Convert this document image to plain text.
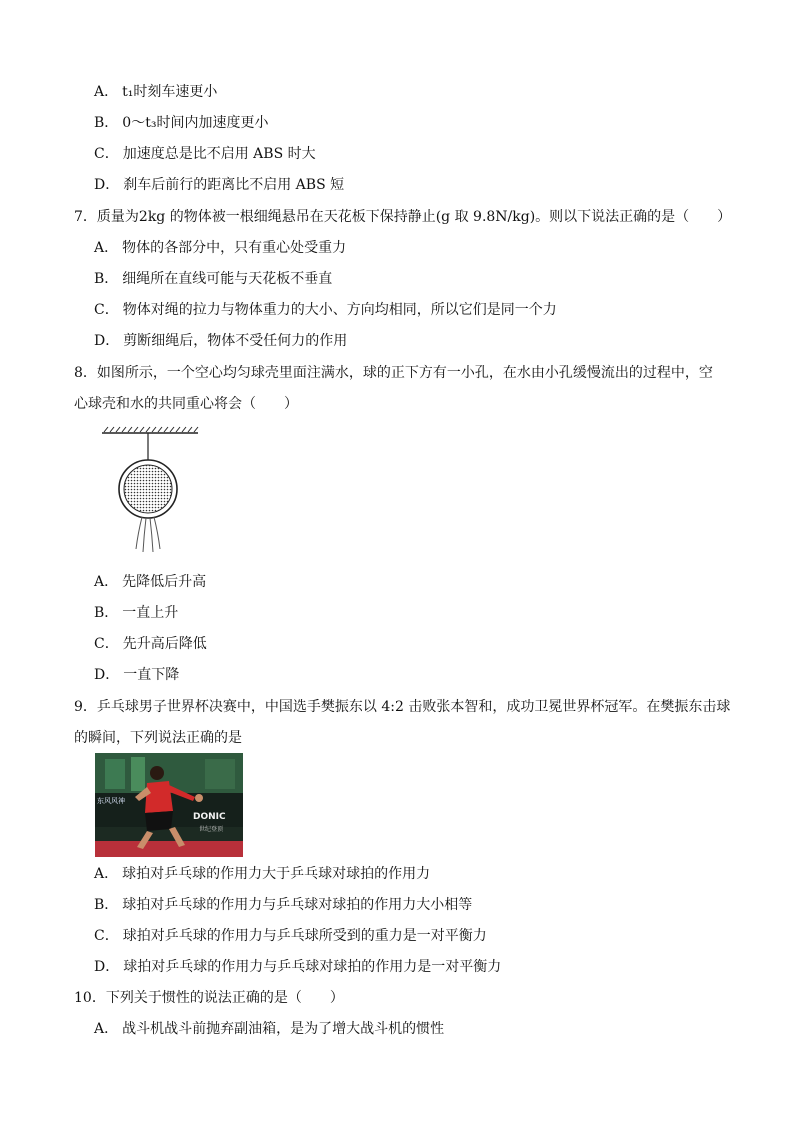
A． t₁时刻车速更小
B． 0～t₃时间内加速度更小
C． 加速度总是比不启用 ABS 时大
D． 刹车后前行的距离比不启用 ABS 短
7．质量为2kg 的物体被一根细绳悬吊在天花板下保持静止(g 取 9.8N/kg)。则以下说法正确的是（　　）
A． 物体的各部分中，只有重心处受重力
B． 细绳所在直线可能与天花板不垂直
C． 物体对绳的拉力与物体重力的大小、方向均相同，所以它们是同一个力
D． 剪断细绳后，物体不受任何力的作用
8．如图所示，一个空心均匀球壳里面注满水，球的正下方有一小孔，在水由小孔缓慢流出的过程中，空
心球壳和水的共同重心将会（　　）
A． 先降低后升高
B． 一直上升
C． 先升高后降低
D． 一直下降
9．乒乓球男子世界杯决赛中，中国选手樊振东以 4:2 击败张本智和，成功卫冕世界杯冠军。在樊振东击球
的瞬间，下列说法正确的是
东风风神
DONIC
世纪登顶
A． 球拍对乒乓球的作用力大于乒乓球对球拍的作用力
B． 球拍对乒乓球的作用力与乒乓球对球拍的作用力大小相等
C． 球拍对乒乓球的作用力与乒乓球所受到的重力是一对平衡力
D． 球拍对乒乓球的作用力与乒乓球对球拍的作用力是一对平衡力
10．下列关于惯性的说法正确的是（　　）
A． 战斗机战斗前抛弃副油箱，是为了增大战斗机的惯性
